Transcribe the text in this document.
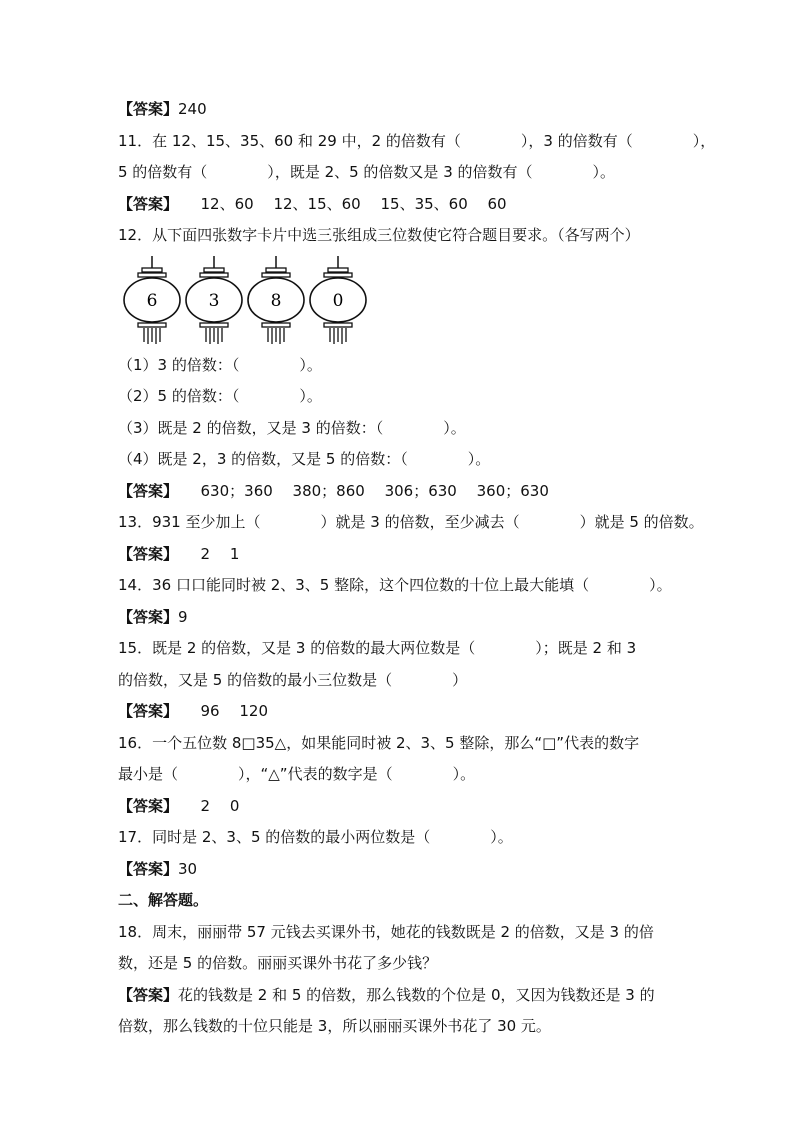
【答案】240
11．在 12、15、35、60 和 29 中，2 的倍数有（　　　　），3 的倍数有（　　　　），
5 的倍数有（　　　　），既是 2、5 的倍数又是 3 的倍数有（　　　　）。
【答案】　　12、60　 12、15、60　 15、35、60　 60
12．从下面四张数字卡片中选三张组成三位数使它符合题目要求。（各写两个）
6	3	8	0
（1）3 的倍数：（　　　　）。
（2）5 的倍数：（　　　　）。
（3）既是 2 的倍数，又是 3 的倍数：（　　　　）。
（4）既是 2，3 的倍数，又是 5 的倍数：（　　　　）。
【答案】　　630；360　 380；860　 306；630　 360；630
13．931 至少加上（　　　　）就是 3 的倍数，至少减去（　　　　）就是 5 的倍数。
【答案】　　2　 1
14．36 口口能同时被 2、3、5 整除，这个四位数的十位上最大能填（　　　　）。
【答案】9
15．既是 2 的倍数，又是 3 的倍数的最大两位数是（　　　　）；既是 2 和 3
的倍数，又是 5 的倍数的最小三位数是（　　　　）
【答案】　　96　 120
16．一个五位数 8□35△，如果能同时被 2、3、5 整除，那么“□”代表的数字
最小是（　　　　），“△”代表的数字是（　　　　）。
【答案】　　2　 0
17．同时是 2、3、5 的倍数的最小两位数是（　　　　）。
【答案】30
二、解答题。
18．周末，丽丽带 57 元钱去买课外书，她花的钱数既是 2 的倍数，又是 3 的倍
数，还是 5 的倍数。丽丽买课外书花了多少钱？
【答案】花的钱数是 2 和 5 的倍数，那么钱数的个位是 0，又因为钱数还是 3 的
倍数，那么钱数的十位只能是 3，所以丽丽买课外书花了 30 元。
